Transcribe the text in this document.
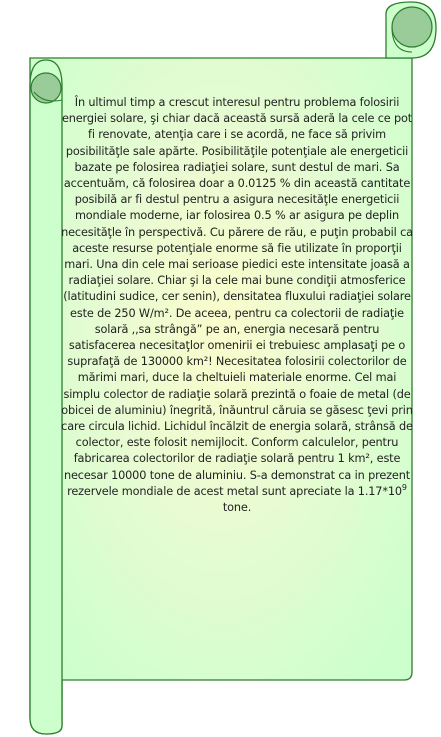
În ultimul timp a crescut interesul pentru problema folosirii energiei solare, şi chiar dacă această sursă aderă la cele ce pot fi renovate, atenţia care i se acordă, ne face să privim posibilităţle sale apărte. Posibilităţile potenţiale ale energeticii bazate pe folosirea radiaţiei solare, sunt destul de mari. Sa accentuăm, că folosirea doar a 0.0125 % din această cantitate posibilă ar fi destul pentru a asigura necesităţle energeticii mondiale moderne, iar folosirea 0.5 % ar asigura pe deplin necesităţle în perspectivă. Cu părere de rău, e puţin probabil ca aceste resurse potenţiale enorme să fie utilizate în proporţii mari. Una din cele mai serioase piedici este intensitate joasă a radiaţiei solare. Chiar şi la cele mai bune condiţii atmosferice (latitudini sudice, cer senin), densitatea fluxului radiaţiei solare este de 250 W/m². De aceea, pentru ca colectorii de radiaţie solară ,,sa strângă” pe an, energia necesară pentru satisfacerea necesitaţlor omenirii ei trebuiesc amplasaţi pe o suprafaţă de 130000 km²! Necesitatea folosirii colectorilor de mărimi mari, duce la cheltuieli materiale enorme. Cel mai simplu colector de radiaţie solară prezintă o foaie de metal (de obicei de aluminiu) înegrită, înăuntrul căruia se găsesc ţevi prin care circula lichid. Lichidul încălzit de energia solară, strânsă de colector, este folosit nemijlocit. Conform calculelor, pentru fabricarea colectorilor de radiaţie solară pentru 1 km², este necesar 10000 tone de aluminiu. S-a demonstrat ca in prezent rezervele mondiale de acest metal sunt apreciate la $1.17*10^9$ tone.
